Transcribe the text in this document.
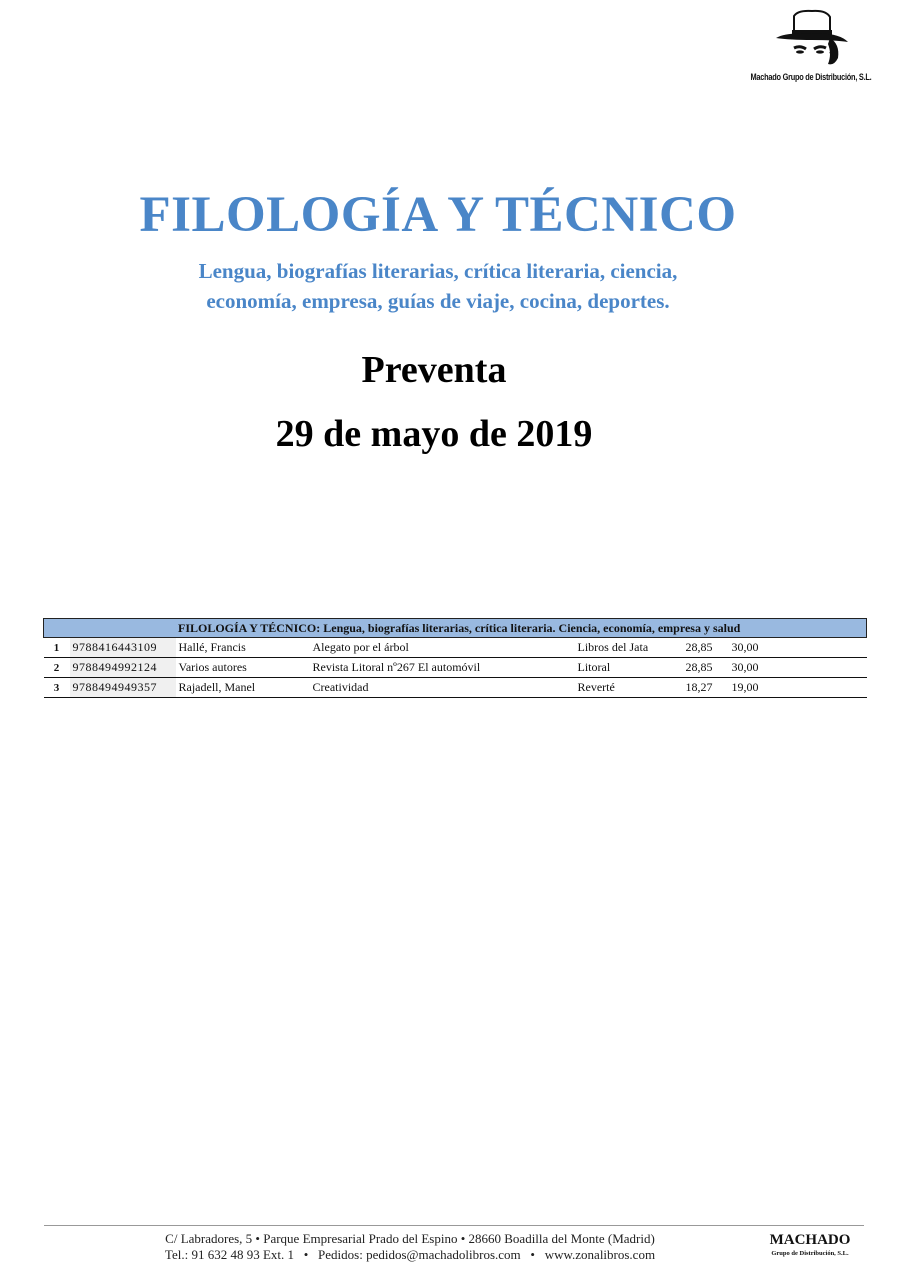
Machado Grupo de Distribución, S.L.
FILOLOGÍA Y TÉCNICO
Lengua, biografías literarias, crítica literaria, ciencia,
economía, empresa, guías de viaje, cocina, deportes.
Preventa
29 de mayo de 2019
FILOLOGÍA Y TÉCNICO: Lengua, biografías literarias, crítica literaria. Ciencia, economía, empresa y salud						
1	9788416443109	Hallé, Francis	Alegato por el árbol	Libros del Jata	28,85	30,00
2	9788494992124	Varios autores	Revista Litoral nº267 El automóvil	Litoral	28,85	30,00
3	9788494949357	Rajadell, Manel	Creatividad	Reverté	18,27	19,00
C/ Labradores, 5 • Parque Empresarial Prado del Espino • 28660 Boadilla del Monte (Madrid)
Tel.: 91 632 48 93 Ext. 1   •   Pedidos: pedidos@machadolibros.com   •   www.zonalibros.com
MACHADO
Grupo de Distribución, S.L.
